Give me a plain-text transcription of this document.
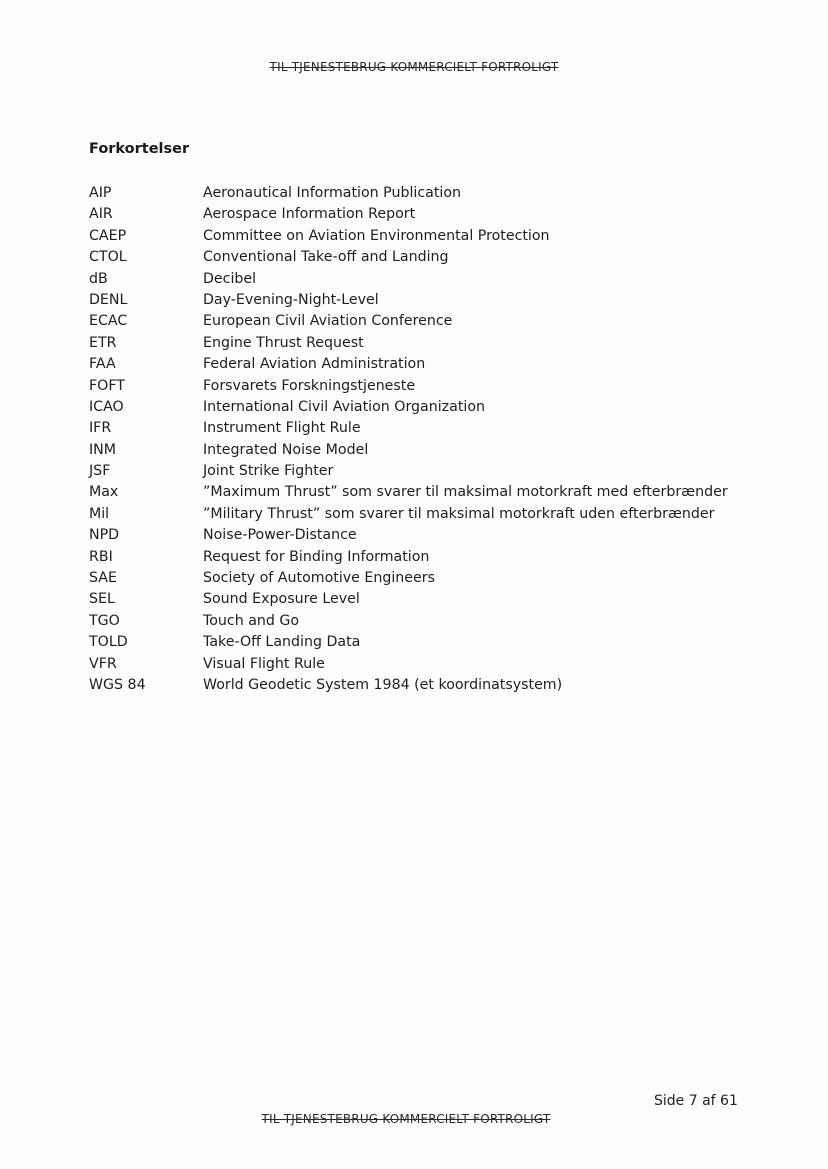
TIL TJENESTEBRUG KOMMERCIELT FORTROLIGT
Forkortelser
AIP	Aeronautical Information Publication
AIR	Aerospace Information Report
CAEP	Committee on Aviation Environmental Protection
CTOL	Conventional Take-off and Landing
dB	Decibel
DENL	Day-Evening-Night-Level
ECAC	European Civil Aviation Conference
ETR	Engine Thrust Request
FAA	Federal Aviation Administration
FOFT	Forsvarets Forskningstjeneste
ICAO	International Civil Aviation Organization
IFR	Instrument Flight Rule
INM	Integrated Noise Model
JSF	Joint Strike Fighter
Max	”Maximum Thrust” som svarer til maksimal motorkraft med efterbrænder
Mil	”Military Thrust” som svarer til maksimal motorkraft uden efterbrænder
NPD	Noise-Power-Distance
RBI	Request for Binding Information
SAE	Society of Automotive Engineers
SEL	Sound Exposure Level
TGO	Touch and Go
TOLD	Take-Off Landing Data
VFR	Visual Flight Rule
WGS 84	World Geodetic System 1984 (et koordinatsystem)
Side 7 af 61
TIL TJENESTEBRUG KOMMERCIELT FORTROLIGT
